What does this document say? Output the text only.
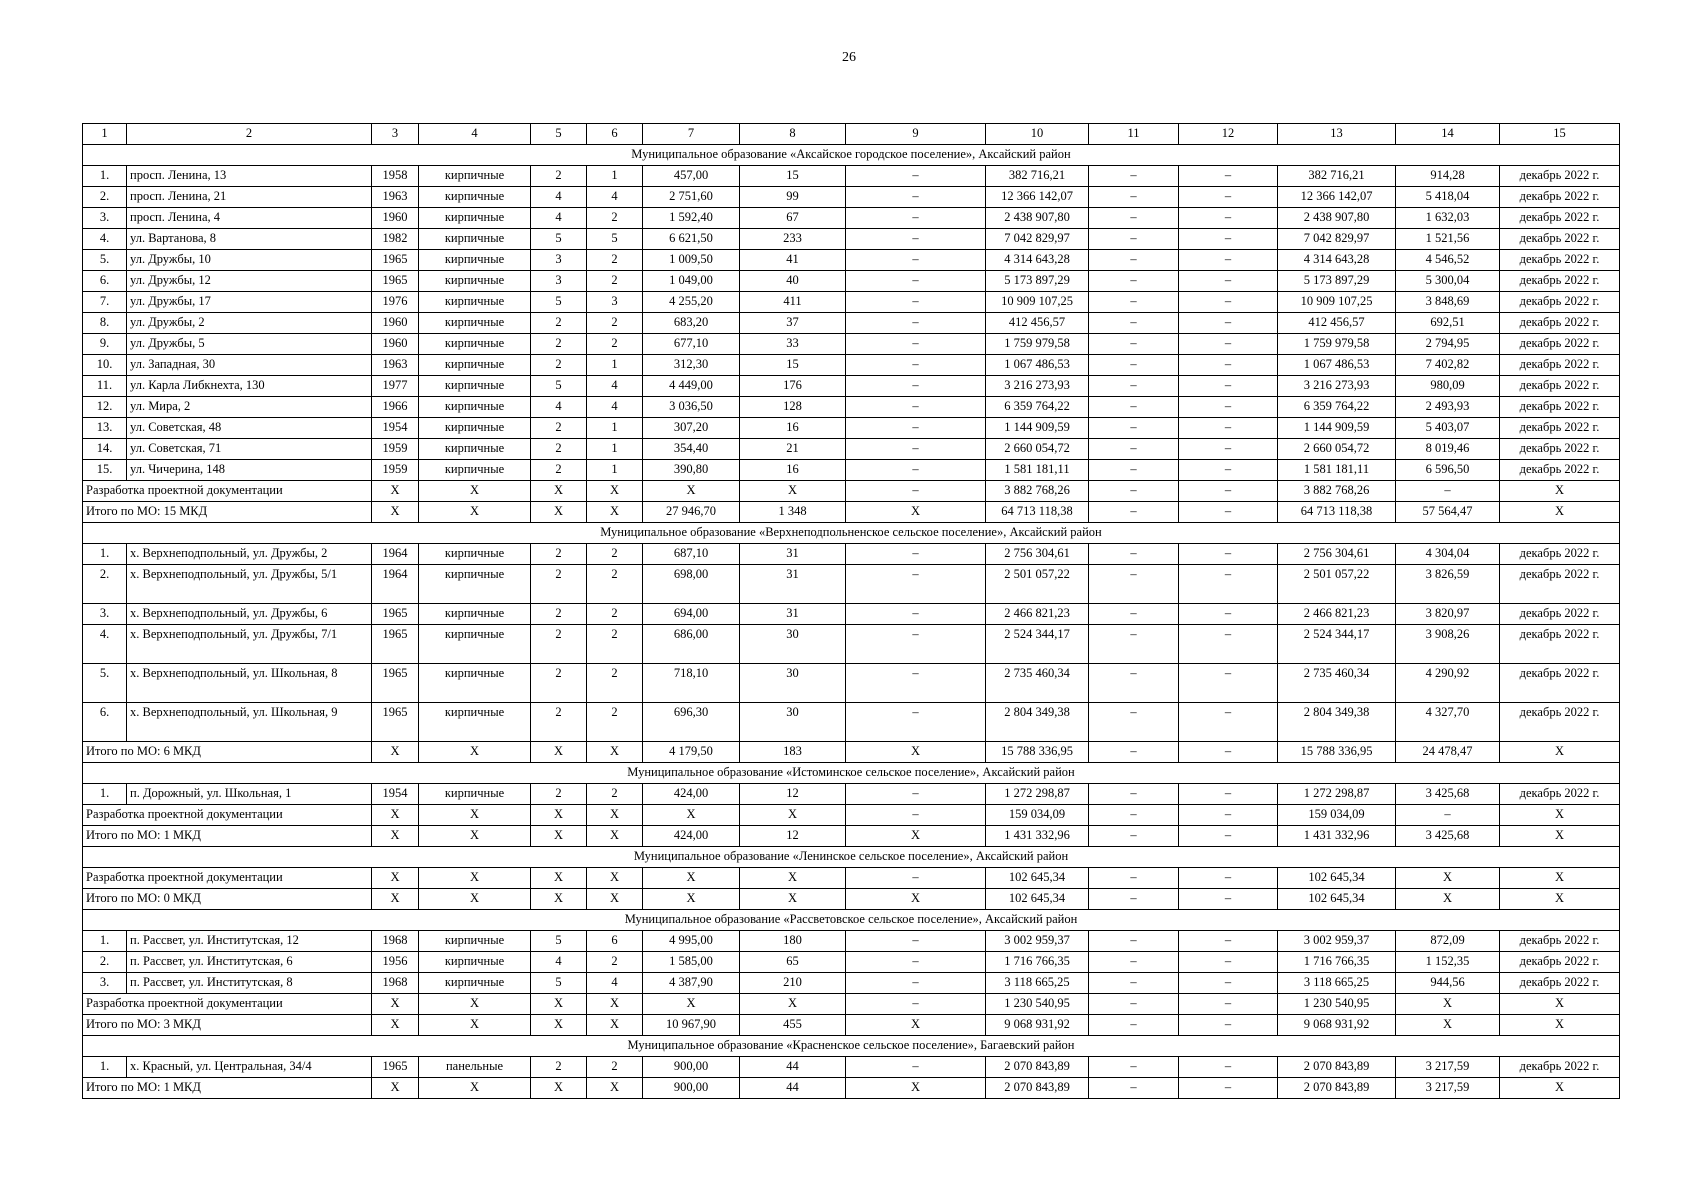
26
1	2	3	4	5	6	7	8	9	10	11	12	13	14	15
Муниципальное образование «Аксайское городское поселение», Аксайский район														
1.	просп. Ленина, 13	1958	кирпичные	2	1	457,00	15	–	382 716,21	–	–	382 716,21	914,28	декабрь 2022 г.
2.	просп. Ленина, 21	1963	кирпичные	4	4	2 751,60	99	–	12 366 142,07	–	–	12 366 142,07	5 418,04	декабрь 2022 г.
3.	просп. Ленина, 4	1960	кирпичные	4	2	1 592,40	67	–	2 438 907,80	–	–	2 438 907,80	1 632,03	декабрь 2022 г.
4.	ул. Вартанова, 8	1982	кирпичные	5	5	6 621,50	233	–	7 042 829,97	–	–	7 042 829,97	1 521,56	декабрь 2022 г.
5.	ул. Дружбы, 10	1965	кирпичные	3	2	1 009,50	41	–	4 314 643,28	–	–	4 314 643,28	4 546,52	декабрь 2022 г.
6.	ул. Дружбы, 12	1965	кирпичные	3	2	1 049,00	40	–	5 173 897,29	–	–	5 173 897,29	5 300,04	декабрь 2022 г.
7.	ул. Дружбы, 17	1976	кирпичные	5	3	4 255,20	411	–	10 909 107,25	–	–	10 909 107,25	3 848,69	декабрь 2022 г.
8.	ул. Дружбы, 2	1960	кирпичные	2	2	683,20	37	–	412 456,57	–	–	412 456,57	692,51	декабрь 2022 г.
9.	ул. Дружбы, 5	1960	кирпичные	2	2	677,10	33	–	1 759 979,58	–	–	1 759 979,58	2 794,95	декабрь 2022 г.
10.	ул. Западная, 30	1963	кирпичные	2	1	312,30	15	–	1 067 486,53	–	–	1 067 486,53	7 402,82	декабрь 2022 г.
11.	ул. Карла Либкнехта, 130	1977	кирпичные	5	4	4 449,00	176	–	3 216 273,93	–	–	3 216 273,93	980,09	декабрь 2022 г.
12.	ул. Мира, 2	1966	кирпичные	4	4	3 036,50	128	–	6 359 764,22	–	–	6 359 764,22	2 493,93	декабрь 2022 г.
13.	ул. Советская, 48	1954	кирпичные	2	1	307,20	16	–	1 144 909,59	–	–	1 144 909,59	5 403,07	декабрь 2022 г.
14.	ул. Советская, 71	1959	кирпичные	2	1	354,40	21	–	2 660 054,72	–	–	2 660 054,72	8 019,46	декабрь 2022 г.
15.	ул. Чичерина, 148	1959	кирпичные	2	1	390,80	16	–	1 581 181,11	–	–	1 581 181,11	6 596,50	декабрь 2022 г.
Разработка проектной документации		X	X	X	X	X	X	–	3 882 768,26	–	–	3 882 768,26	–	X
Итого по МО: 15 МКД		X	X	X	X	27 946,70	1 348	X	64 713 118,38	–	–	64 713 118,38	57 564,47	X
Муниципальное образование «Верхнеподпольненское сельское поселение», Аксайский район														
1.	х. Верхнеподпольный, ул. Дружбы, 2	1964	кирпичные	2	2	687,10	31	–	2 756 304,61	–	–	2 756 304,61	4 304,04	декабрь 2022 г.
2.	х. Верхнеподпольный, ул. Дружбы, 5/1	1964	кирпичные	2	2	698,00	31	–	2 501 057,22	–	–	2 501 057,22	3 826,59	декабрь 2022 г.
3.	х. Верхнеподпольный, ул. Дружбы, 6	1965	кирпичные	2	2	694,00	31	–	2 466 821,23	–	–	2 466 821,23	3 820,97	декабрь 2022 г.
4.	х. Верхнеподпольный, ул. Дружбы, 7/1	1965	кирпичные	2	2	686,00	30	–	2 524 344,17	–	–	2 524 344,17	3 908,26	декабрь 2022 г.
5.	х. Верхнеподпольный, ул. Школьная, 8	1965	кирпичные	2	2	718,10	30	–	2 735 460,34	–	–	2 735 460,34	4 290,92	декабрь 2022 г.
6.	х. Верхнеподпольный, ул. Школьная, 9	1965	кирпичные	2	2	696,30	30	–	2 804 349,38	–	–	2 804 349,38	4 327,70	декабрь 2022 г.
Итого по МО: 6 МКД		X	X	X	X	4 179,50	183	X	15 788 336,95	–	–	15 788 336,95	24 478,47	X
Муниципальное образование «Истоминское сельское поселение», Аксайский район														
1.	п. Дорожный, ул. Школьная, 1	1954	кирпичные	2	2	424,00	12	–	1 272 298,87	–	–	1 272 298,87	3 425,68	декабрь 2022 г.
Разработка проектной документации		X	X	X	X	X	X	–	159 034,09	–	–	159 034,09	–	X
Итого по МО: 1 МКД		X	X	X	X	424,00	12	X	1 431 332,96	–	–	1 431 332,96	3 425,68	X
Муниципальное образование «Ленинское сельское поселение», Аксайский район														
Разработка проектной документации		X	X	X	X	X	X	–	102 645,34	–	–	102 645,34	X	X
Итого по МО: 0 МКД		X	X	X	X	X	X	X	102 645,34	–	–	102 645,34	X	X
Муниципальное образование «Рассветовское сельское поселение», Аксайский район														
1.	п. Рассвет, ул. Институтская, 12	1968	кирпичные	5	6	4 995,00	180	–	3 002 959,37	–	–	3 002 959,37	872,09	декабрь 2022 г.
2.	п. Рассвет, ул. Институтская, 6	1956	кирпичные	4	2	1 585,00	65	–	1 716 766,35	–	–	1 716 766,35	1 152,35	декабрь 2022 г.
3.	п. Рассвет, ул. Институтская, 8	1968	кирпичные	5	4	4 387,90	210	–	3 118 665,25	–	–	3 118 665,25	944,56	декабрь 2022 г.
Разработка проектной документации		X	X	X	X	X	X	–	1 230 540,95	–	–	1 230 540,95	X	X
Итого по МО: 3 МКД		X	X	X	X	10 967,90	455	X	9 068 931,92	–	–	9 068 931,92	X	X
Муниципальное образование «Красненское сельское поселение», Багаевский район														
1.	х. Красный, ул. Центральная, 34/4	1965	панельные	2	2	900,00	44	–	2 070 843,89	–	–	2 070 843,89	3 217,59	декабрь 2022 г.
Итого по МО: 1 МКД		X	X	X	X	900,00	44	X	2 070 843,89	–	–	2 070 843,89	3 217,59	X
